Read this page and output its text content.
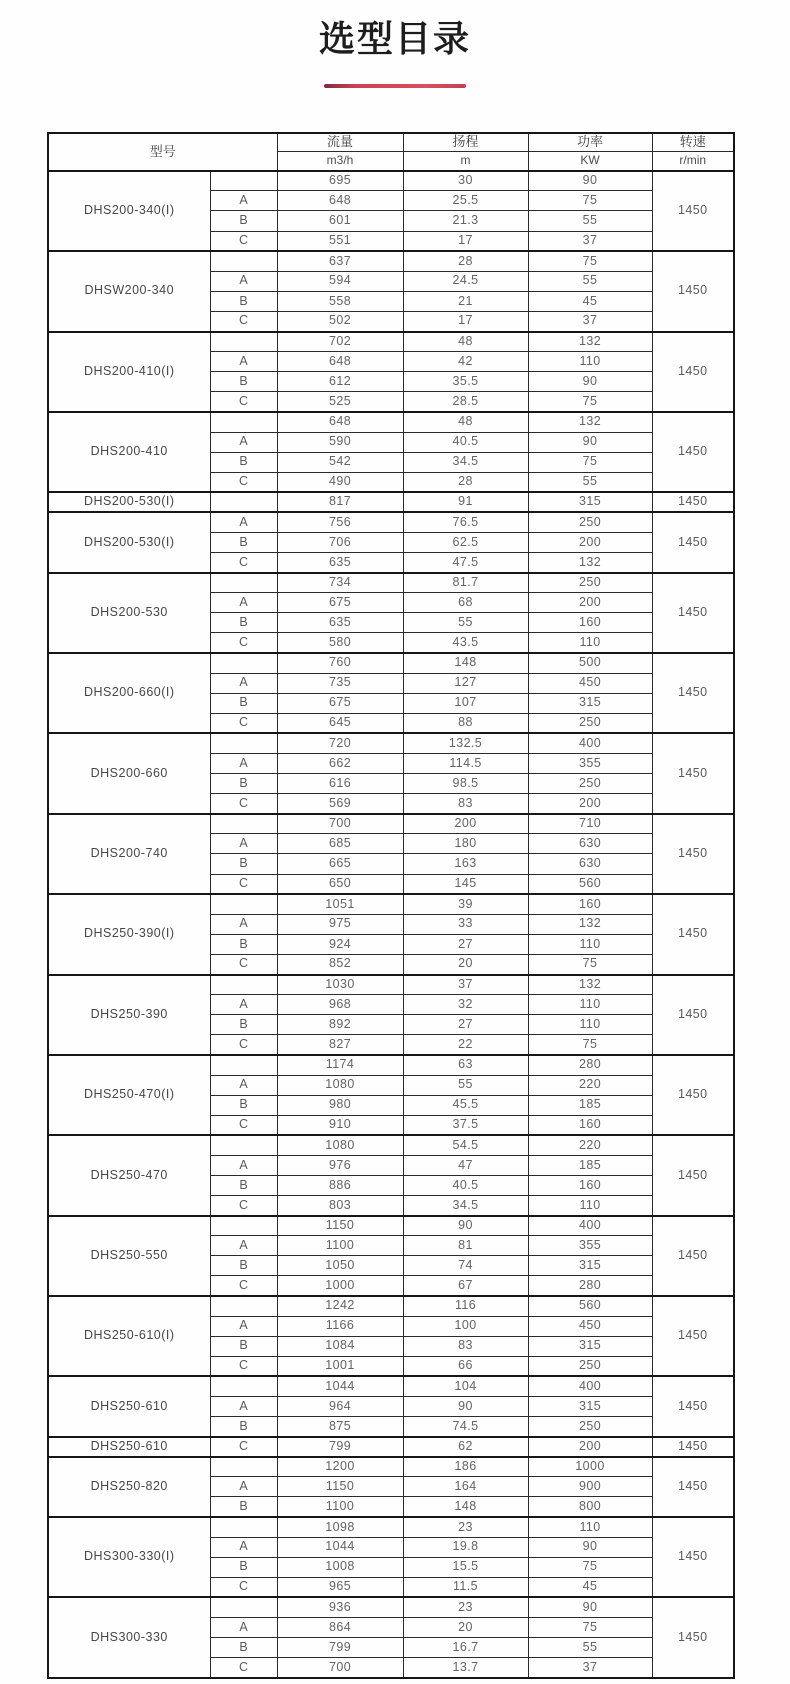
选型目录
型号		流量	扬程	功率	转速
		m3/h	m	KW	r/min
DHS200-340(I)		695	30	90	1450
	A	648	25.5	75	
	B	601	21.3	55	
	C	551	17	37	
DHSW200-340		637	28	75	1450
	A	594	24.5	55	
	B	558	21	45	
	C	502	17	37	
DHS200-410(I)		702	48	132	1450
	A	648	42	110	
	B	612	35.5	90	
	C	525	28.5	75	
DHS200-410		648	48	132	1450
	A	590	40.5	90	
	B	542	34.5	75	
	C	490	28	55	
DHS200-530(I)		817	91	315	1450
DHS200-530(I)	A	756	76.5	250	1450
	B	706	62.5	200	
	C	635	47.5	132	
DHS200-530		734	81.7	250	1450
	A	675	68	200	
	B	635	55	160	
	C	580	43.5	110	
DHS200-660(I)		760	148	500	1450
	A	735	127	450	
	B	675	107	315	
	C	645	88	250	
DHS200-660		720	132.5	400	1450
	A	662	114.5	355	
	B	616	98.5	250	
	C	569	83	200	
DHS200-740		700	200	710	1450
	A	685	180	630	
	B	665	163	630	
	C	650	145	560	
DHS250-390(I)		1051	39	160	1450
	A	975	33	132	
	B	924	27	110	
	C	852	20	75	
DHS250-390		1030	37	132	1450
	A	968	32	110	
	B	892	27	110	
	C	827	22	75	
DHS250-470(I)		1174	63	280	1450
	A	1080	55	220	
	B	980	45.5	185	
	C	910	37.5	160	
DHS250-470		1080	54.5	220	1450
	A	976	47	185	
	B	886	40.5	160	
	C	803	34.5	110	
DHS250-550		1150	90	400	1450
	A	1100	81	355	
	B	1050	74	315	
	C	1000	67	280	
DHS250-610(I)		1242	116	560	1450
	A	1166	100	450	
	B	1084	83	315	
	C	1001	66	250	
DHS250-610		1044	104	400	1450
	A	964	90	315	
	B	875	74.5	250	
DHS250-610	C	799	62	200	1450
DHS250-820		1200	186	1000	1450
	A	1150	164	900	
	B	1100	148	800	
DHS300-330(I)		1098	23	110	1450
	A	1044	19.8	90	
	B	1008	15.5	75	
	C	965	11.5	45	
DHS300-330		936	23	90	1450
	A	864	20	75	
	B	799	16.7	55	
	C	700	13.7	37	
